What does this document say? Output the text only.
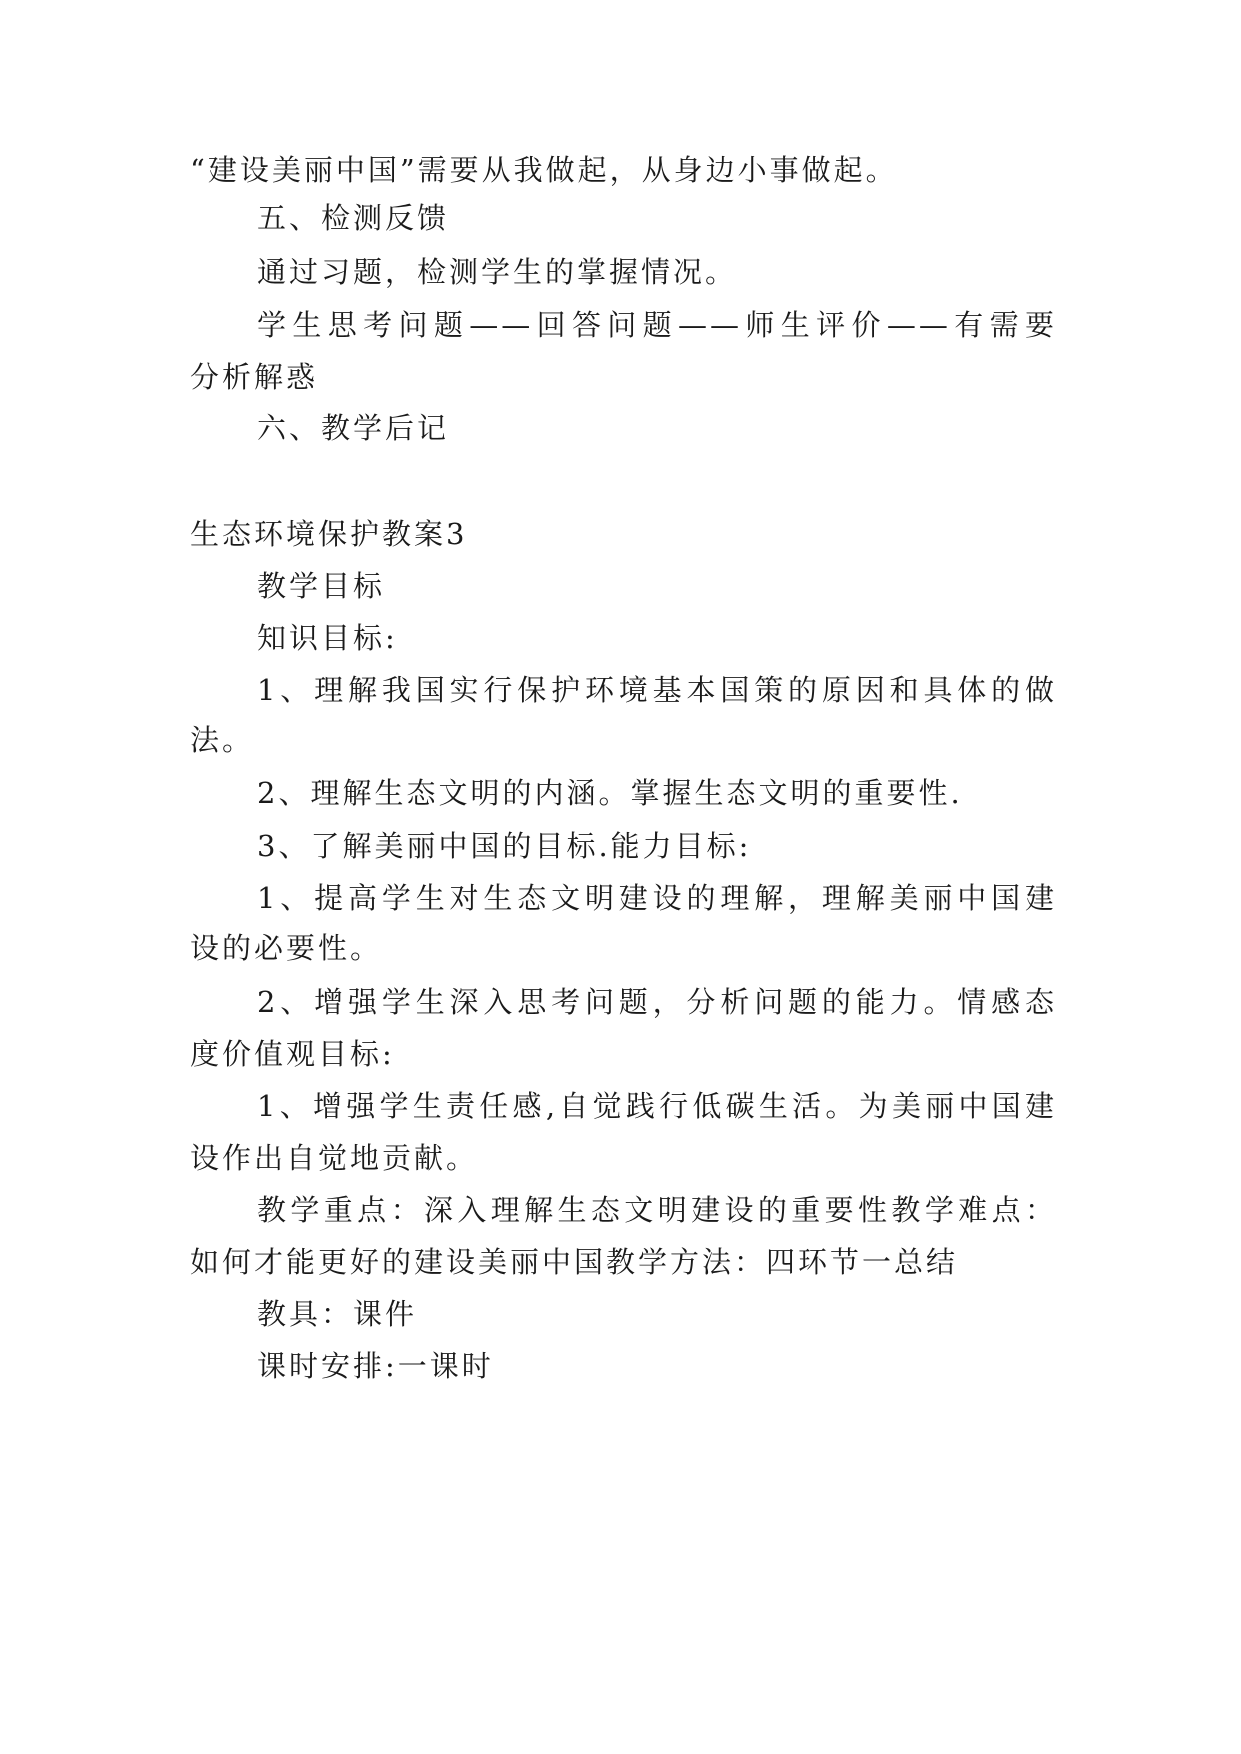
“建设美丽中国”需要从我做起，从身边小事做起。
五、检测反馈
通过习题，检测学生的掌握情况。
学生思考问题——回答问题——师生评价——有需要
分析解惑
六、教学后记
生态环境保护教案3
教学目标
知识目标:
1、理解我国实行保护环境基本国策的原因和具体的做
法。
2、理解生态文明的内涵。掌握生态文明的重要性.
3、了解美丽中国的目标.能力目标:
1、提高学生对生态文明建设的理解，理解美丽中国建
设的必要性。
2、增强学生深入思考问题，分析问题的能力。情感态
度价值观目标:
1、增强学生责任感,自觉践行低碳生活。为美丽中国建
设作出自觉地贡献。
教学重点：深入理解生态文明建设的重要性教学难点：
如何才能更好的建设美丽中国教学方法：四环节一总结
教具：课件
课时安排:一课时
